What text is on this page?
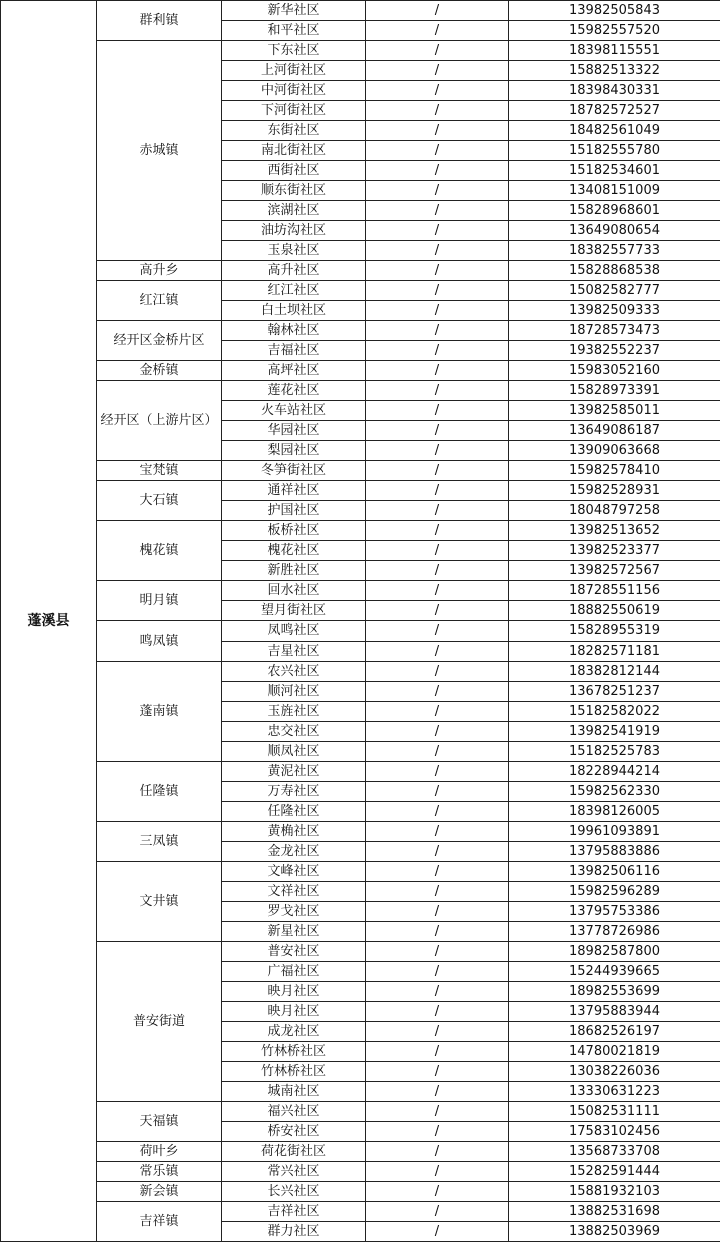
蓬溪县	群利镇	新华社区	/	13982505843
		和平社区	/	15982557520
	赤城镇	下东社区	/	18398115551
		上河街社区	/	15882513322
		中河街社区	/	18398430331
		下河街社区	/	18782572527
		东街社区	/	18482561049
		南北街社区	/	15182555780
		西街社区	/	15182534601
		顺东街社区	/	13408151009
		滨湖社区	/	15828968601
		油坊沟社区	/	13649080654
		玉泉社区	/	18382557733
	高升乡	高升社区	/	15828868538
	红江镇	红江社区	/	15082582777
		白土坝社区	/	13982509333
	经开区金桥片区	翰林社区	/	18728573473
		吉福社区	/	19382552237
	金桥镇	高坪社区	/	15983052160
	经开区（上游片区）	莲花社区	/	15828973391
		火车站社区	/	13982585011
		华园社区	/	13649086187
		梨园社区	/	13909063668
	宝梵镇	冬笋街社区	/	15982578410
	大石镇	通祥社区	/	15982528931
		护国社区	/	18048797258
	槐花镇	板桥社区	/	13982513652
		槐花社区	/	13982523377
		新胜社区	/	13982572567
	明月镇	回水社区	/	18728551156
		望月街社区	/	18882550619
	鸣凤镇	凤鸣社区	/	15828955319
		吉星社区	/	18282571181
	蓬南镇	农兴社区	/	18382812144
		顺河社区	/	13678251237
		玉旌社区	/	15182582022
		忠交社区	/	13982541919
		顺凤社区	/	15182525783
	任隆镇	黄泥社区	/	18228944214
		万寿社区	/	15982562330
		任隆社区	/	18398126005
	三凤镇	黄桷社区	/	19961093891
		金龙社区	/	13795883886
	文井镇	文峰社区	/	13982506116
		文祥社区	/	15982596289
		罗戈社区	/	13795753386
		新星社区	/	13778726986
	普安街道	普安社区	/	18982587800
		广福社区	/	15244939665
		映月社区	/	18982553699
		映月社区	/	13795883944
		成龙社区	/	18682526197
		竹林桥社区	/	14780021819
		竹林桥社区	/	13038226036
		城南社区	/	13330631223
	天福镇	福兴社区	/	15082531111
		桥安社区	/	17583102456
	荷叶乡	荷花街社区	/	13568733708
	常乐镇	常兴社区	/	15282591444
	新会镇	长兴社区	/	15881932103
	吉祥镇	吉祥社区	/	13882531698
		群力社区	/	13882503969
